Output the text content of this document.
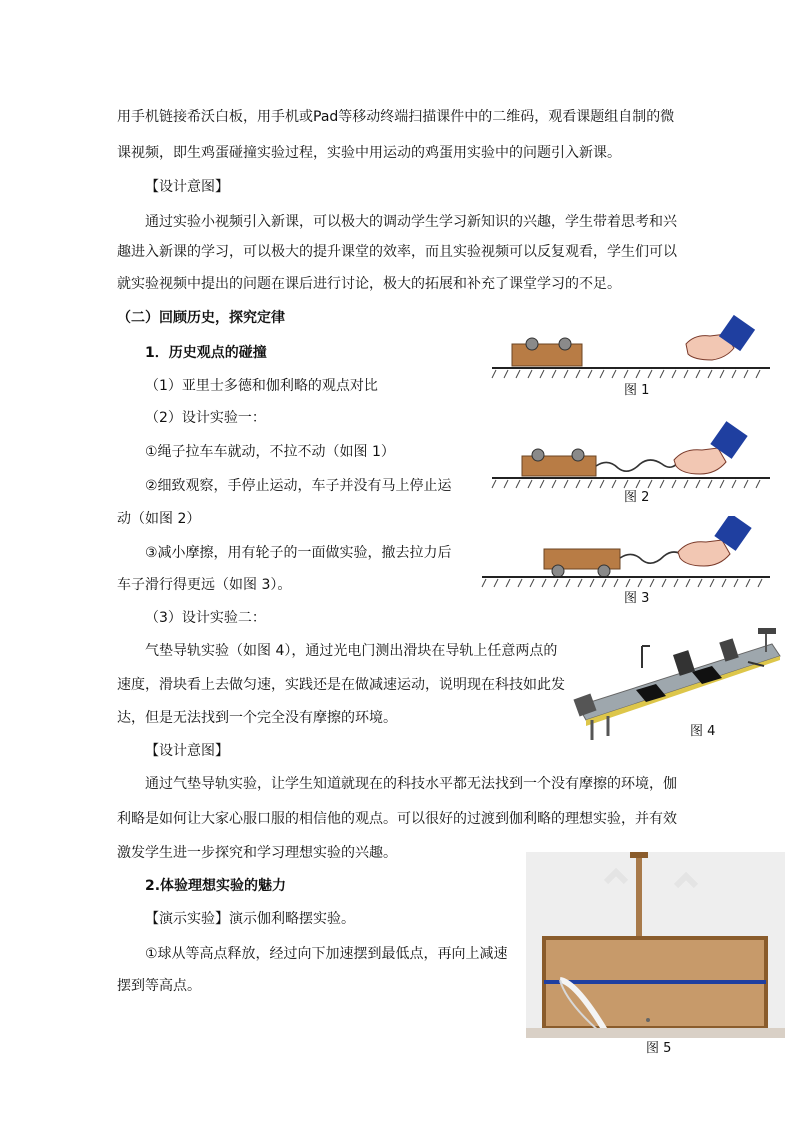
用手机链接希沃白板，用手机或Pad等移动终端扫描课件中的二维码，观看课题组自制的微

课视频，即生鸡蛋碰撞实验过程，实验中用运动的鸡蛋用实验中的问题引入新课。

【设计意图】

通过实验小视频引入新课，可以极大的调动学生学习新知识的兴趣，学生带着思考和兴

趣进入新课的学习，可以极大的提升课堂的效率，而且实验视频可以反复观看，学生们可以

就实验视频中提出的问题在课后进行讨论，极大的拓展和补充了课堂学习的不足。

（二）回顾历史，探究定律

1．历史观点的碰撞

（1）亚里士多德和伽利略的观点对比

（2）设计实验一：

①绳子拉车车就动，不拉不动（如图 1）

②细致观察，手停止运动，车子并没有马上停止运

动（如图 2）

③减小摩擦，用有轮子的一面做实验，撤去拉力后

车子滑行得更远（如图 3）。

（3）设计实验二：

气垫导轨实验（如图 4），通过光电门测出滑块在导轨上任意两点的

速度，滑块看上去做匀速，实践还是在做减速运动，说明现在科技如此发

达，但是无法找到一个完全没有摩擦的环境。

【设计意图】

通过气垫导轨实验，让学生知道就现在的科技水平都无法找到一个没有摩擦的环境，伽

利略是如何让大家心服口服的相信他的观点。可以很好的过渡到伽利略的理想实验，并有效

激发学生进一步探究和学习理想实验的兴趣。

2.体验理想实验的魅力

【演示实验】演示伽利略摆实验。

①球从等高点释放，经过向下加速摆到最低点，再向上减速

摆到等高点。

图 1
图 2
图 3
图 4
图 5
